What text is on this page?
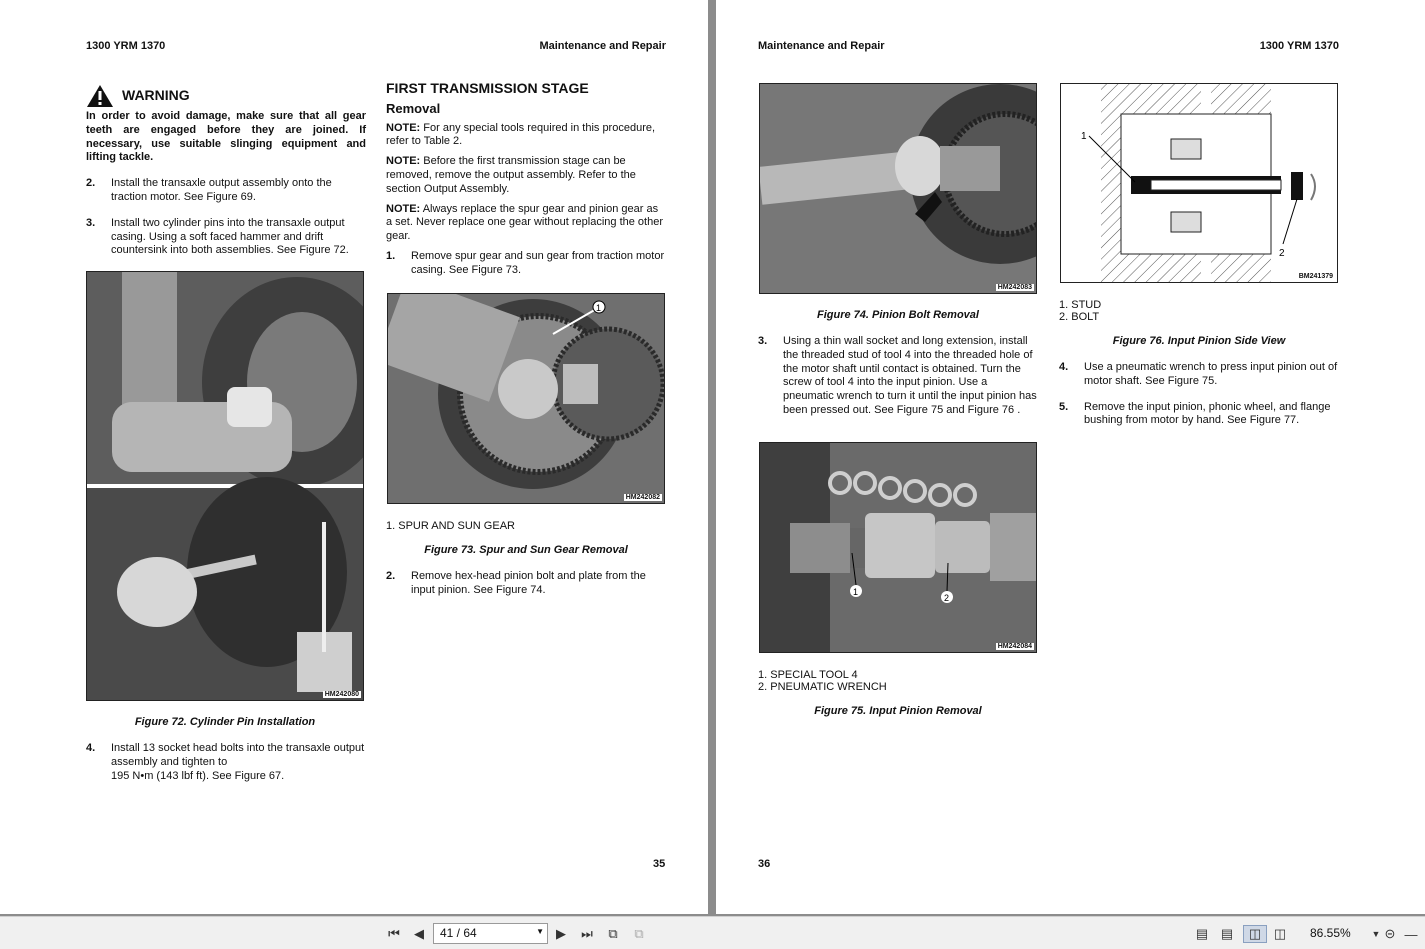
1300 YRM 1370	Maintenance and Repair
WARNING
In order to avoid damage, make sure that all gear teeth are engaged before they are joined. If necessary, use suitable slinging equipment and lifting tackle.
2.	Install the transaxle output assembly onto the traction motor. See Figure 69.
3.	Install two cylinder pins into the transaxle output casing. Using a soft faced hammer and drift countersink into both assemblies. See Figure 72.
HM242080
Figure 72. Cylinder Pin Installation
4.	Install 13 socket head bolts into the transaxle output assembly and tighten to
195 N•m (143 lbf ft). See Figure 67.
FIRST TRANSMISSION STAGE
Removal
NOTE: For any special tools required in this procedure, refer to Table 2.
NOTE: Before the first transmission stage can be removed, remove the output assembly. Refer to the section Output Assembly.
NOTE: Always replace the spur gear and pinion gear as a set. Never replace one gear without replacing the other gear.
1.	Remove spur gear and sun gear from traction motor casing. See Figure 73.
1
HM242082
1. SPUR AND SUN GEAR
Figure 73. Spur and Sun Gear Removal
2.	Remove hex-head pinion bolt and plate from the input pinion. See Figure 74.
35
Maintenance and Repair	1300 YRM 1370
HM242083
Figure 74. Pinion Bolt Removal
3.	Using a thin wall socket and long extension, install the threaded stud of tool 4 into the threaded hole of the motor shaft until contact is obtained. Turn the screw of tool 4 into the input pinion. Use a pneumatic wrench to turn it until the input pinion has been pressed out. See Figure 75 and Figure 76 .
1
2
HM242084
1. SPECIAL TOOL 4
2. PNEUMATIC WRENCH
Figure 75. Input Pinion Removal
1
2
BM241379
1. STUD
2. BOLT
Figure 76. Input Pinion Side View
4.	Use a pneumatic wrench to press input pinion out of motor shaft. See Figure 75.
5.	Remove the input pinion, phonic wheel, and flange bushing from motor by hand. See Figure 77.
36
⏮	◀	41 / 64	▼ ▶	⏭	⧉	⧉	▤ ▤	◫ ◫ 86.55%	▼ ⊝ —
